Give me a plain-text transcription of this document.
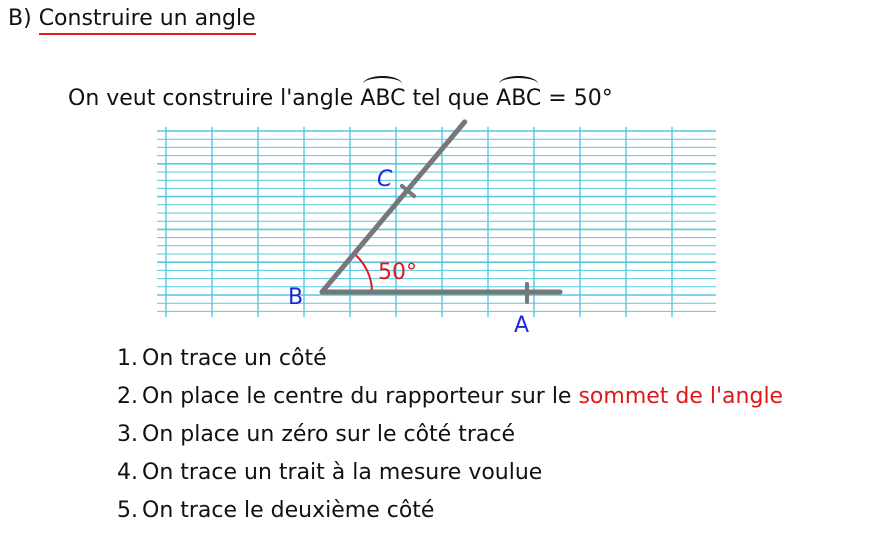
B) Construire un angle
On veut construire l'angle ABC tel que ABC = 50°
B
A
C
50°
1. On trace un côté
2. On place le centre du rapporteur sur le sommet de l'angle
3. On place un zéro sur le côté tracé
4. On trace un trait à la mesure voulue
5. On trace le deuxième côté
